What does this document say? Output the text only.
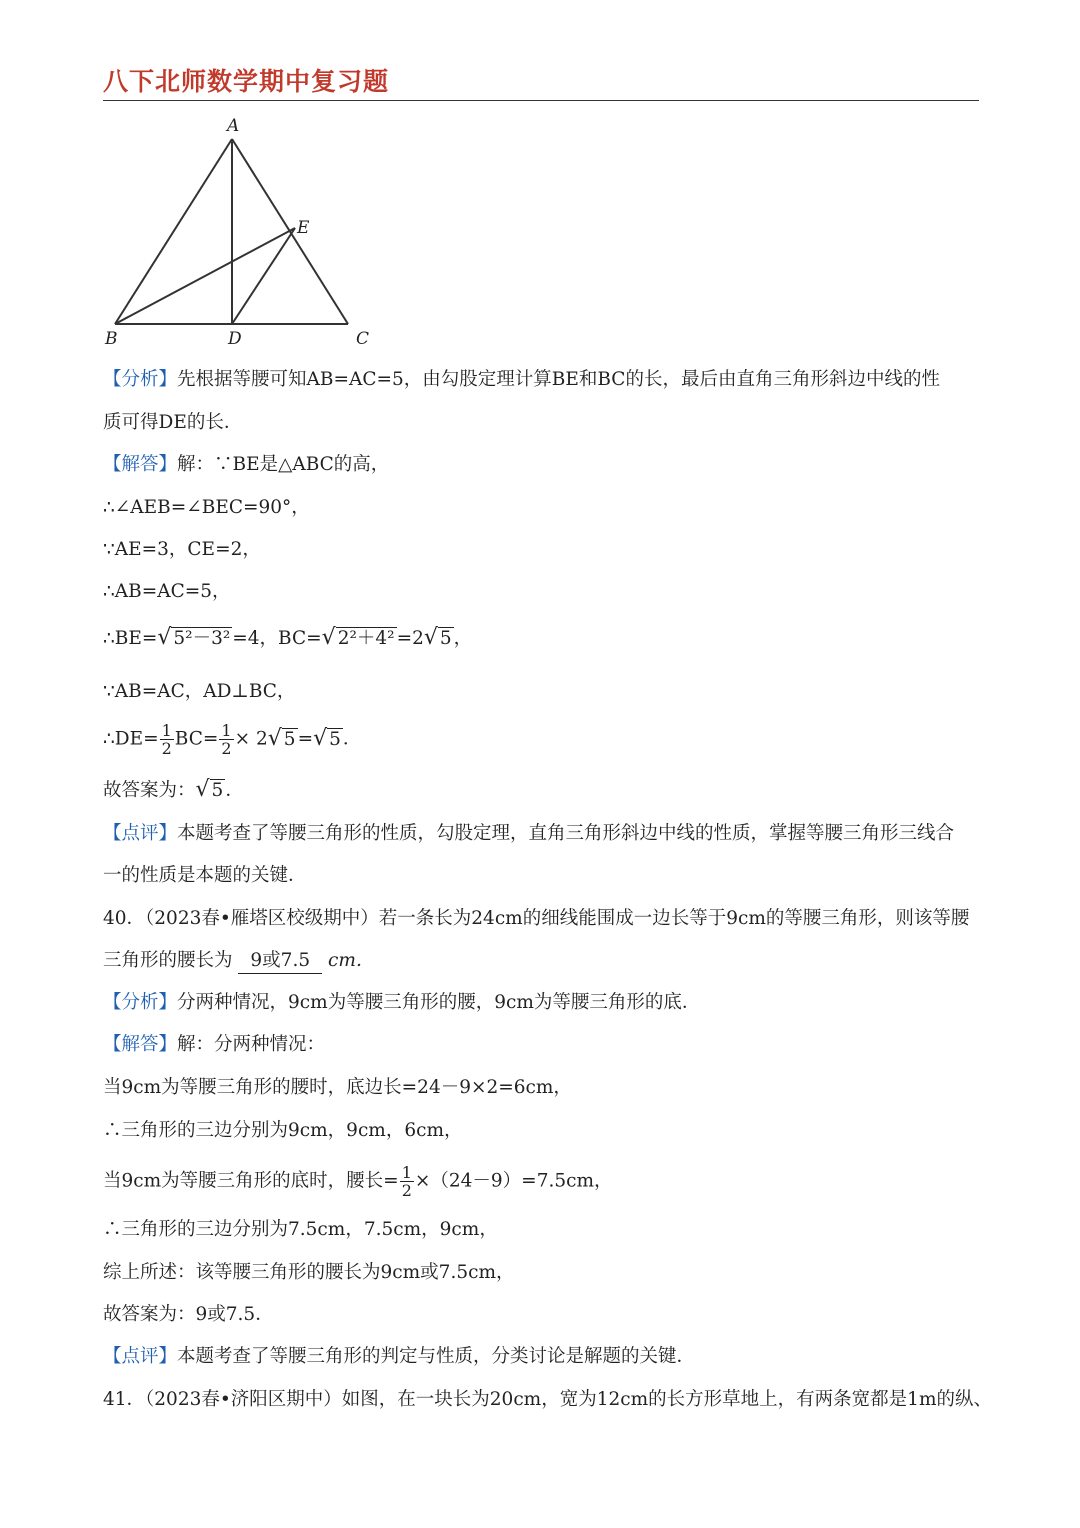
八下北师数学期中复习题
A
E
B	D	C
【分析】先根据等腰可知AB=AC=5，由勾股定理计算BE和BC的长，最后由直角三角形斜边中线的性
质可得DE的长．
【解答】解：∵BE是△ABC的高，
∴∠AEB=∠BEC=90°，
∵AE=3，CE=2，
∴AB=AC=5，
∴BE=√ 5²－3² =4，BC=√ 2²＋4² =2√ 5 ，
∵AB=AC，AD⊥BC，
∴DE= $\frac{1}{2} BC= \frac{1}{2} \times 2√$ 5 =√ 5 ．
故答案为：√ 5 ．
【点评】本题考查了等腰三角形的性质，勾股定理，直角三角形斜边中线的性质，掌握等腰三角形三线合
一的性质是本题的关键．
40．（2023春•雁塔区校级期中）若一条长为24cm的细线能围成一边长等于9cm的等腰三角形，则该等腰
三角形的腰长为 9或7.5 cm．
【分析】分两种情况，9cm为等腰三角形的腰，9cm为等腰三角形的底．
【解答】解：分两种情况：
当9cm为等腰三角形的腰时，底边长=24－9×2=6cm，
∴三角形的三边分别为9cm，9cm，6cm，
当9cm为等腰三角形的底时，腰长= $\frac{1}{2} \times(24-9)=7.5cm$，
∴三角形的三边分别为7.5cm，7.5cm，9cm，
综上所述：该等腰三角形的腰长为9cm或7.5cm，
故答案为：9或7.5．
【点评】本题考查了等腰三角形的判定与性质，分类讨论是解题的关键．
41．（2023春•济阳区期中）如图，在一块长为20cm，宽为12cm的长方形草地上，有两条宽都是1m的纵、
